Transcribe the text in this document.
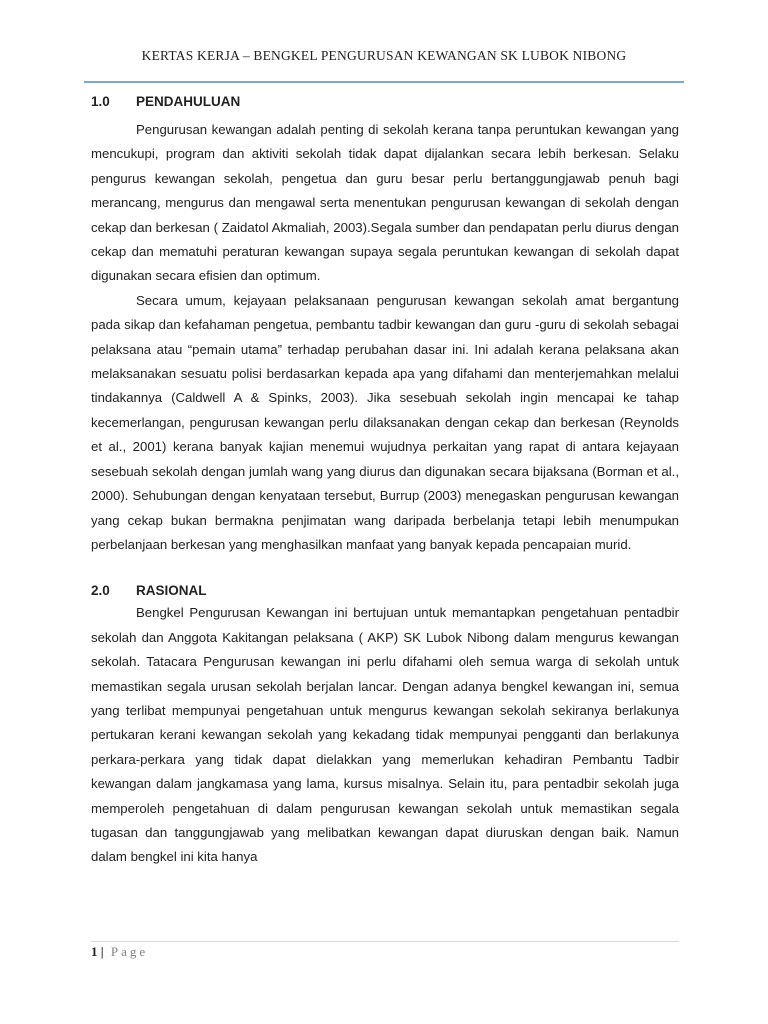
KERTAS KERJA – BENGKEL PENGURUSAN KEWANGAN SK LUBOK NIBONG
1.0 PENDAHULUAN

Pengurusan kewangan adalah penting di sekolah kerana tanpa peruntukan kewangan yang mencukupi, program dan aktiviti sekolah tidak dapat dijalankan secara lebih berkesan. Selaku pengurus kewangan sekolah, pengetua dan guru besar perlu bertanggungjawab penuh bagi merancang, mengurus dan mengawal serta menentukan pengurusan kewangan di sekolah dengan cekap dan berkesan ( Zaidatol Akmaliah, 2003).Segala sumber dan pendapatan perlu diurus dengan cekap dan mematuhi peraturan kewangan supaya segala peruntukan kewangan di sekolah dapat digunakan secara efisien dan optimum.

Secara umum, kejayaan pelaksanaan pengurusan kewangan sekolah amat bergantung pada sikap dan kefahaman pengetua, pembantu tadbir kewangan dan guru -guru di sekolah sebagai pelaksana atau “pemain utama” terhadap perubahan dasar ini. Ini adalah kerana pelaksana akan melaksanakan sesuatu polisi berdasarkan kepada apa yang difahami dan menterjemahkan melalui tindakannya (Caldwell A & Spinks, 2003). Jika sesebuah sekolah ingin mencapai ke tahap kecemerlangan, pengurusan kewangan perlu dilaksanakan dengan cekap dan berkesan (Reynolds et al., 2001) kerana banyak kajian menemui wujudnya perkaitan yang rapat di antara kejayaan sesebuah sekolah dengan jumlah wang yang diurus dan digunakan secara bijaksana (Borman et al., 2000). Sehubungan dengan kenyataan tersebut, Burrup (2003) menegaskan pengurusan kewangan yang cekap bukan bermakna penjimatan wang daripada berbelanja tetapi lebih menumpukan perbelanjaan berkesan yang menghasilkan manfaat yang banyak kepada pencapaian murid.

2.0 RASIONAL

Bengkel Pengurusan Kewangan ini bertujuan untuk memantapkan pengetahuan pentadbir sekolah dan Anggota Kakitangan pelaksana ( AKP) SK Lubok Nibong dalam mengurus kewangan sekolah. Tatacara Pengurusan kewangan ini perlu difahami oleh semua warga di sekolah untuk memastikan segala urusan sekolah berjalan lancar. Dengan adanya bengkel kewangan ini, semua yang terlibat mempunyai pengetahuan untuk mengurus kewangan sekolah sekiranya berlakunya pertukaran kerani kewangan sekolah yang kekadang tidak mempunyai pengganti dan berlakunya perkara-perkara yang tidak dapat dielakkan yang memerlukan kehadiran Pembantu Tadbir kewangan dalam jangkamasa yang lama, kursus misalnya. Selain itu, para pentadbir sekolah juga memperoleh pengetahuan di dalam pengurusan kewangan sekolah untuk memastikan segala tugasan dan tanggungjawab yang melibatkan kewangan dapat diuruskan dengan baik. Namun dalam bengkel ini kita hanya

1 | Page
